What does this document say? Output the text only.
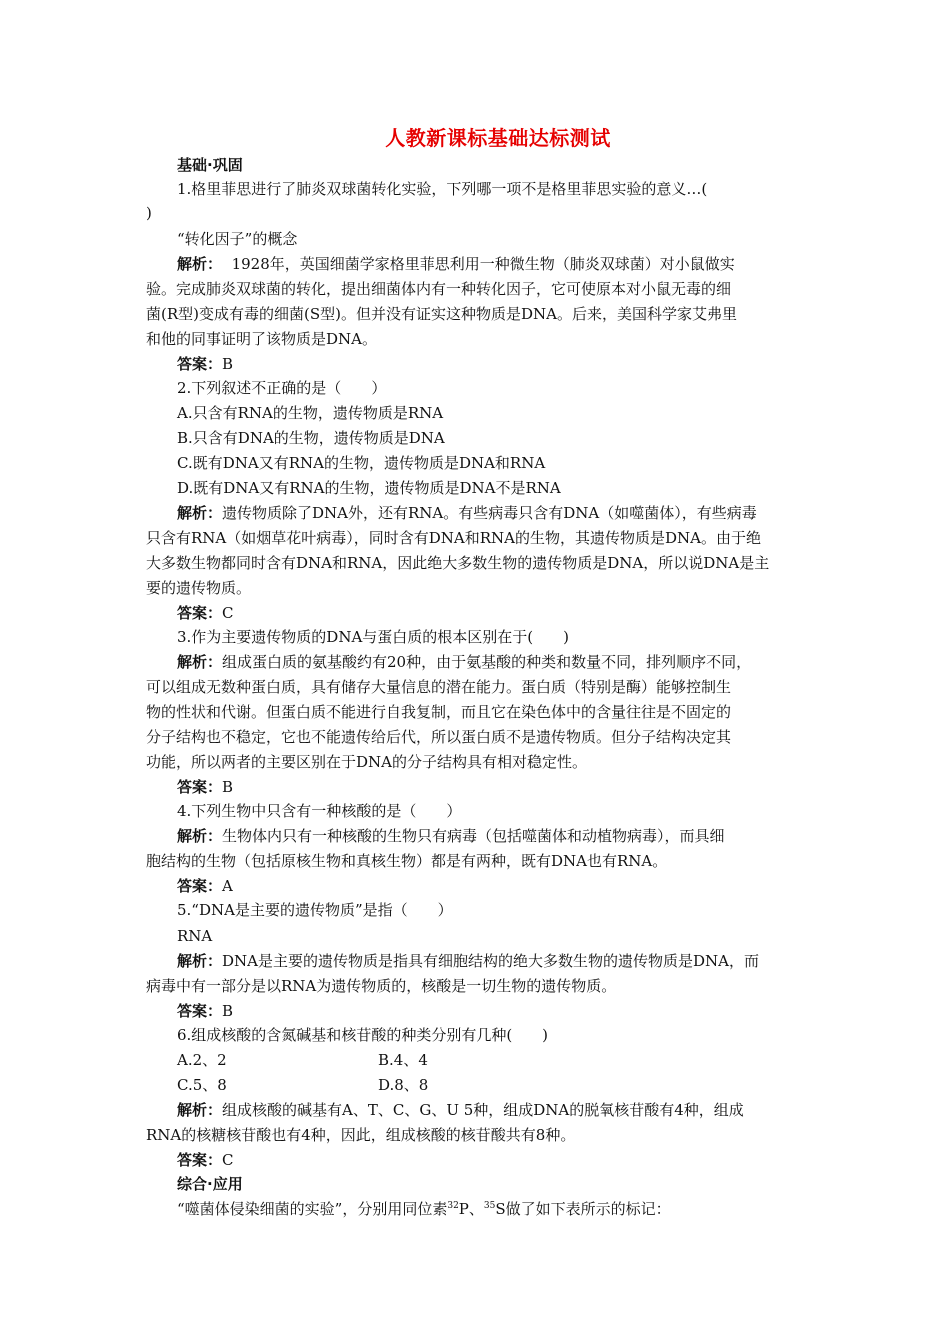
人教新课标基础达标测试
基础·巩固
1.格里菲思进行了肺炎双球菌转化实验，下列哪一项不是格里菲思实验的意义…(
)
“转化因子”的概念
解析： 1928年，英国细菌学家格里菲思利用一种微生物（肺炎双球菌）对小鼠做实
验。完成肺炎双球菌的转化，提出细菌体内有一种转化因子，它可使原本对小鼠无毒的细
菌(R型)变成有毒的细菌(S型)。但并没有证实这种物质是DNA。后来，美国科学家艾弗里
和他的同事证明了该物质是DNA。
答案：B
2.下列叙述不正确的是（　　）
A.只含有RNA的生物，遗传物质是RNA
B.只含有DNA的生物，遗传物质是DNA
C.既有DNA又有RNA的生物，遗传物质是DNA和RNA
D.既有DNA又有RNA的生物，遗传物质是DNA不是RNA
解析：遗传物质除了DNA外，还有RNA。有些病毒只含有DNA（如噬菌体），有些病毒
只含有RNA（如烟草花叶病毒），同时含有DNA和RNA的生物，其遗传物质是DNA。由于绝
大多数生物都同时含有DNA和RNA，因此绝大多数生物的遗传物质是DNA，所以说DNA是主
要的遗传物质。
答案：C
3.作为主要遗传物质的DNA与蛋白质的根本区别在于(　　)
解析：组成蛋白质的氨基酸约有20种，由于氨基酸的种类和数量不同，排列顺序不同，
可以组成无数种蛋白质，具有储存大量信息的潜在能力。蛋白质（特别是酶）能够控制生
物的性状和代谢。但蛋白质不能进行自我复制，而且它在染色体中的含量往往是不固定的
分子结构也不稳定，它也不能遗传给后代，所以蛋白质不是遗传物质。但分子结构决定其
功能，所以两者的主要区别在于DNA的分子结构具有相对稳定性。
答案：B
4.下列生物中只含有一种核酸的是（　　）
解析：生物体内只有一种核酸的生物只有病毒（包括噬菌体和动植物病毒），而具细
胞结构的生物（包括原核生物和真核生物）都是有两种，既有DNA也有RNA。
答案：A
5.“DNA是主要的遗传物质”是指（　　）
RNA
解析：DNA是主要的遗传物质是指具有细胞结构的绝大多数生物的遗传物质是DNA，而
病毒中有一部分是以RNA为遗传物质的，核酸是一切生物的遗传物质。
答案：B
6.组成核酸的含氮碱基和核苷酸的种类分别有几种(　　)
A.2、2	B.4、4
C.5、8	D.8、8
解析：组成核酸的碱基有A、T、C、G、U 5种，组成DNA的脱氧核苷酸有4种，组成
RNA的核糖核苷酸也有4种，因此，组成核酸的核苷酸共有8种。
答案：C
综合·应用
“噬菌体侵染细菌的实验”，分别用同位素$^{32}$P、$^{35}$S做了如下表所示的标记：
